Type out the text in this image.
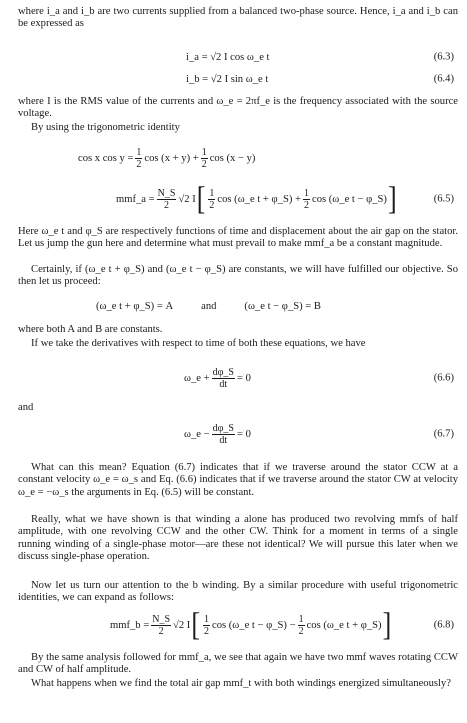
where i_a and i_b are two currents supplied from a balanced two-phase source. Hence, i_a and i_b can be expressed as

i_a = √2 I cos ω_e t	(6.3)
i_b = √2 I sin ω_e t	(6.4)

where I is the RMS value of the currents and ω_e = 2πf_e is the frequency associated with the source voltage.

By using the trigonometric identity

cos x $\cos y = \frac{1}{2}$ $\cos (x + y) + \frac{1}{2}$ cos (x − y)
mmf_a = $\frac{N\_S}{2} √2$ I [ $\frac{1}{2}$ cos (ω_e t + φ_S) + $\frac{1}{2}$ cos (ω_e t − φ_S) ]	(6.5)

Here ω_e t and φ_S are respectively functions of time and displacement about the air gap on the stator. Let us jump the gun here and determine what must prevail to make mmf_a be a constant magnitude.

Certainly, if (ω_e t + φ_S) and (ω_e t − φ_S) are constants, we will have fulfilled our objective. So then let us proceed:

(ω_e t + φ_S) = A	and	(ω_e t − φ_S) = B

where both A and B are constants.

If we take the derivatives with respect to time of both these equations, we have

ω_e + $\frac{d\varphi\_S}{dt} = 0$	(6.6)

and

ω_e − $\frac{d\varphi\_S}{dt} = 0$	(6.7)

What can this mean? Equation (6.7) indicates that if we traverse around the stator CCW at a constant velocity ω_e = ω_s and Eq. (6.6) indicates that if we traverse around the stator CW at velocity ω_e = −ω_s the arguments in Eq. (6.5) will be constant.

Really, what we have shown is that winding a alone has produced two revolving mmfs of half amplitude, with one revolving CCW and the other CW. Think for a moment in terms of a single running winding of a single-phase motor—are these not identical? We will pursue this later when we discuss single-phase operation.

Now let us turn our attention to the b winding. By a similar procedure with useful trigonometric identities, we can expand as follows:

mmf_b = $\frac{N\_S}{2} √2$ I [ $\frac{1}{2}$ cos (ω_e t − φ_S) − $\frac{1}{2}$ cos (ω_e t + φ_S) ]	(6.8)

By the same analysis followed for mmf_a, we see that again we have two mmf waves rotating CCW and CW of half amplitude.

What happens when we find the total air gap mmf_t with both windings energized simultaneously?
